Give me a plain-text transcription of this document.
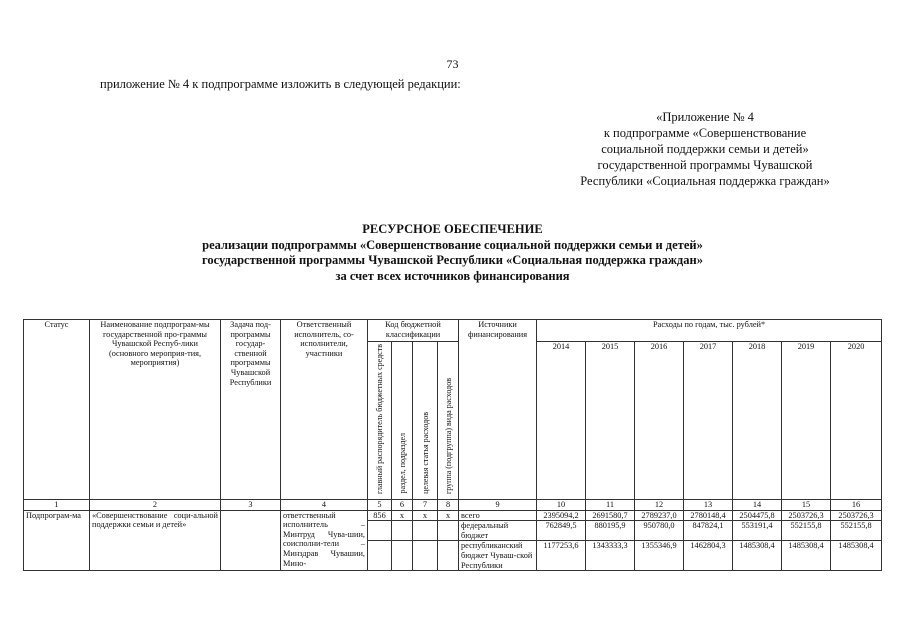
73
приложение № 4 к подпрограмме изложить в следующей редакции:
«Приложение № 4
к подпрограмме «Совершенствование
социальной поддержки семьи и детей»
государственной программы Чувашской
Республики «Социальная поддержка граждан»
РЕСУРСНОЕ ОБЕСПЕЧЕНИЕ
реализации подпрограммы «Совершенствование социальной поддержки семьи и детей»
государственной программы Чувашской Республики «Социальная поддержка граждан»
за счет всех источников финансирования
Статус	Наименование подпрограм-мы государственной про-граммы Чувашской Респуб-лики (основного мероприя-тия, мероприятия)	Задача под-программы государ-ственной программы Чувашской Республики	Ответственный исполнитель, со-исполнители, участники	Код бюджетной классификации				Источники финансирования	Расходы по годам, тыс. рублей*						
				главный распорядитель бюджетных средств	раздел, подраздел	целевая статья расходов	группа (подгруппа) вида расходов		2014	2015	2016	2017	2018	2019	2020
1	2	3	4	5	6	7	8	9	10	11	12	13	14	15	16
Подпрограм-ма	«Совершенствование соци-альной поддержки семьи и детей»		ответственный исполнитель – Минтруд Чува-шии, соисполни-тели – Минздрав Чувашии, Мино-	856	x	x	x	всего	2395094,2	2691580,7	2789237,0	2780148,4	2504475,8	2503726,3	2503726,3
								федеральный бюджет	762849,5	880195,9	950780,0	847824,1	553191,4	552155,8	552155,8
								республиканский бюджет Чуваш-ской Республики	1177253,6	1343333,3	1355346,9	1462804,3	1485308,4	1485308,4	1485308,4
